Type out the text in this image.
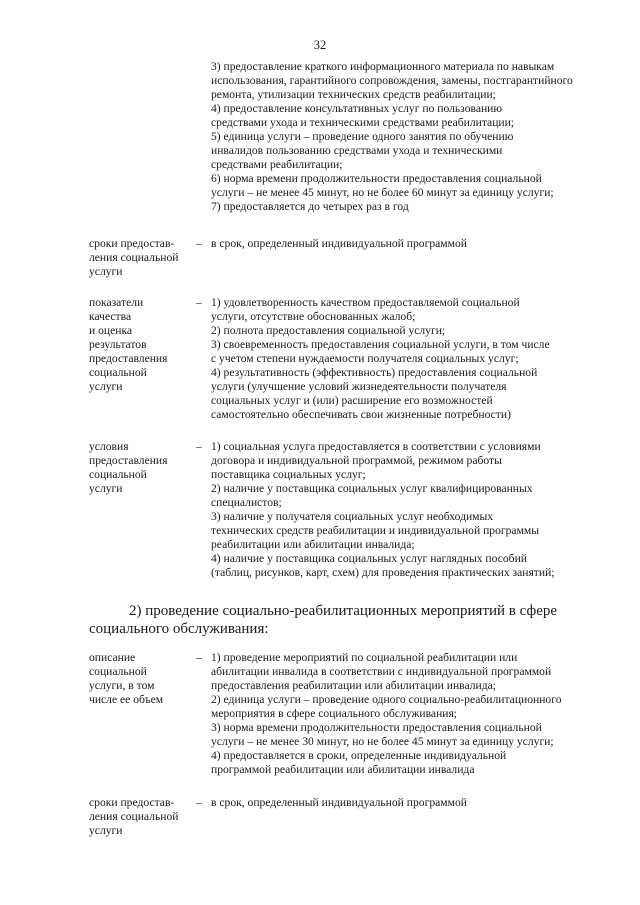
32
3) предоставление краткого информационного материала по навыкам
использования, гарантийного сопровождения, замены, постгарантийного
ремонта, утилизации технических средств реабилитации;
4) предоставление консультативных услуг по пользованию
средствами ухода и техническими средствами реабилитации;
5) единица услуги – проведение одного занятия по обучению
инвалидов пользованию средствами ухода и техническими
средствами реабилитации;
6) норма времени продолжительности предоставления социальной
услуги – не менее 45 минут, но не более 60 минут за единицу услуги;
7) предоставляется до четырех раз в год
сроки предостав-
ления социальной
услуги
– в срок, определенный индивидуальной программой
показатели
качества
и оценка
результатов
предоставления
социальной
услуги
– 1) удовлетворенность качеством предоставляемой социальной
услуги, отсутствие обоснованных жалоб;
2) полнота предоставления социальной услуги;
3) своевременность предоставления социальной услуги, в том числе
с учетом степени нуждаемости получателя социальных услуг;
4) результативность (эффективность) предоставления социальной
услуги (улучшение условий жизнедеятельности получателя
социальных услуг и (или) расширение его возможностей
самостоятельно обеспечивать свои жизненные потребности)
условия
предоставления
социальной
услуги
– 1) социальная услуга предоставляется в соответствии с условиями
договора и индивидуальной программой, режимом работы
поставщика социальных услуг;
2) наличие у поставщика социальных услуг квалифицированных
специалистов;
3) наличие у получателя социальных услуг необходимых
технических средств реабилитации и индивидуальной программы
реабилитации или абилитации инвалида;
4) наличие у поставщика социальных услуг наглядных пособий
(таблиц, рисунков, карт, схем) для проведения практических занятий;
2) проведение социально-реабилитационных мероприятий в сфере
социального обслуживания:
описание
социальной
услуги, в том
числе ее объем
– 1) проведение мероприятий по социальной реабилитации или
абилитации инвалида в соответствии с индивидуальной программой
предоставления реабилитации или абилитации инвалида;
2) единица услуги – проведение одного социально-реабилитационного
мероприятия в сфере социального обслуживания;
3) норма времени продолжительности предоставления социальной
услуги – не менее 30 минут, но не более 45 минут за единицу услуги;
4) предоставляется в сроки, определенные индивидуальной
программой реабилитации или абилитации инвалида
сроки предостав-
ления социальной
услуги
– в срок, определенный индивидуальной программой
